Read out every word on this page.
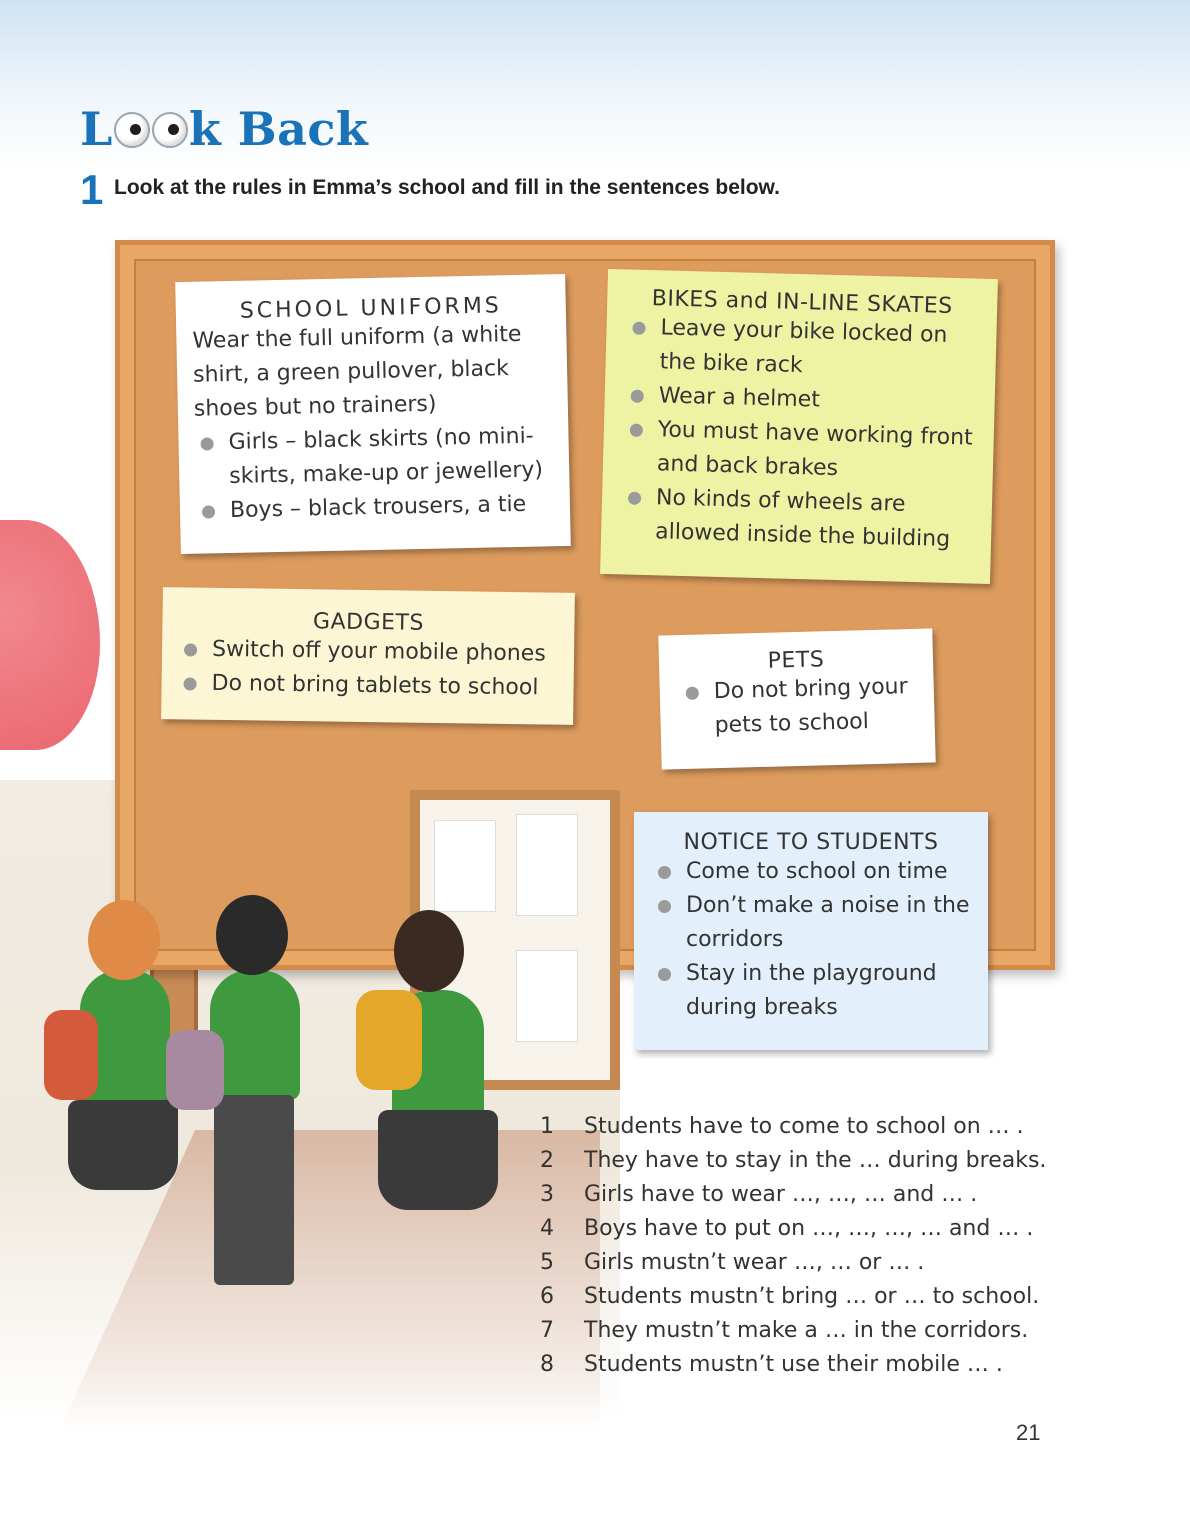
L k Back
1 Look at the rules in Emma’s school and fill in the sentences below.
SCHOOL UNIFORMS

Wear the full uniform (a white shirt, a green pullover, black shoes but no trainers)

Girls – black skirts (no mini-skirts, make-up or jewellery)
Boys – black trousers, a tie
BIKES and IN-LINE SKATES
Leave your bike locked on the bike rack
Wear a helmet
You must have working front and back brakes
No kinds of wheels are allowed inside the building
GADGETS
Switch off your mobile phones
Do not bring tablets to school
PETS
Do not bring your pets to school
NOTICE TO STUDENTS
Come to school on time
Don’t make a noise in the corridors
Stay in the playground during breaks
1 Students have to come to school on … .
2 They have to stay in the … during breaks.
3 Girls have to wear …, …, … and … .
4 Boys have to put on …, …, …, … and … .
5 Girls mustn’t wear …, … or … .
6 Students mustn’t bring … or … to school.
7 They mustn’t make a … in the corridors.
8 Students mustn’t use their mobile … .
21
